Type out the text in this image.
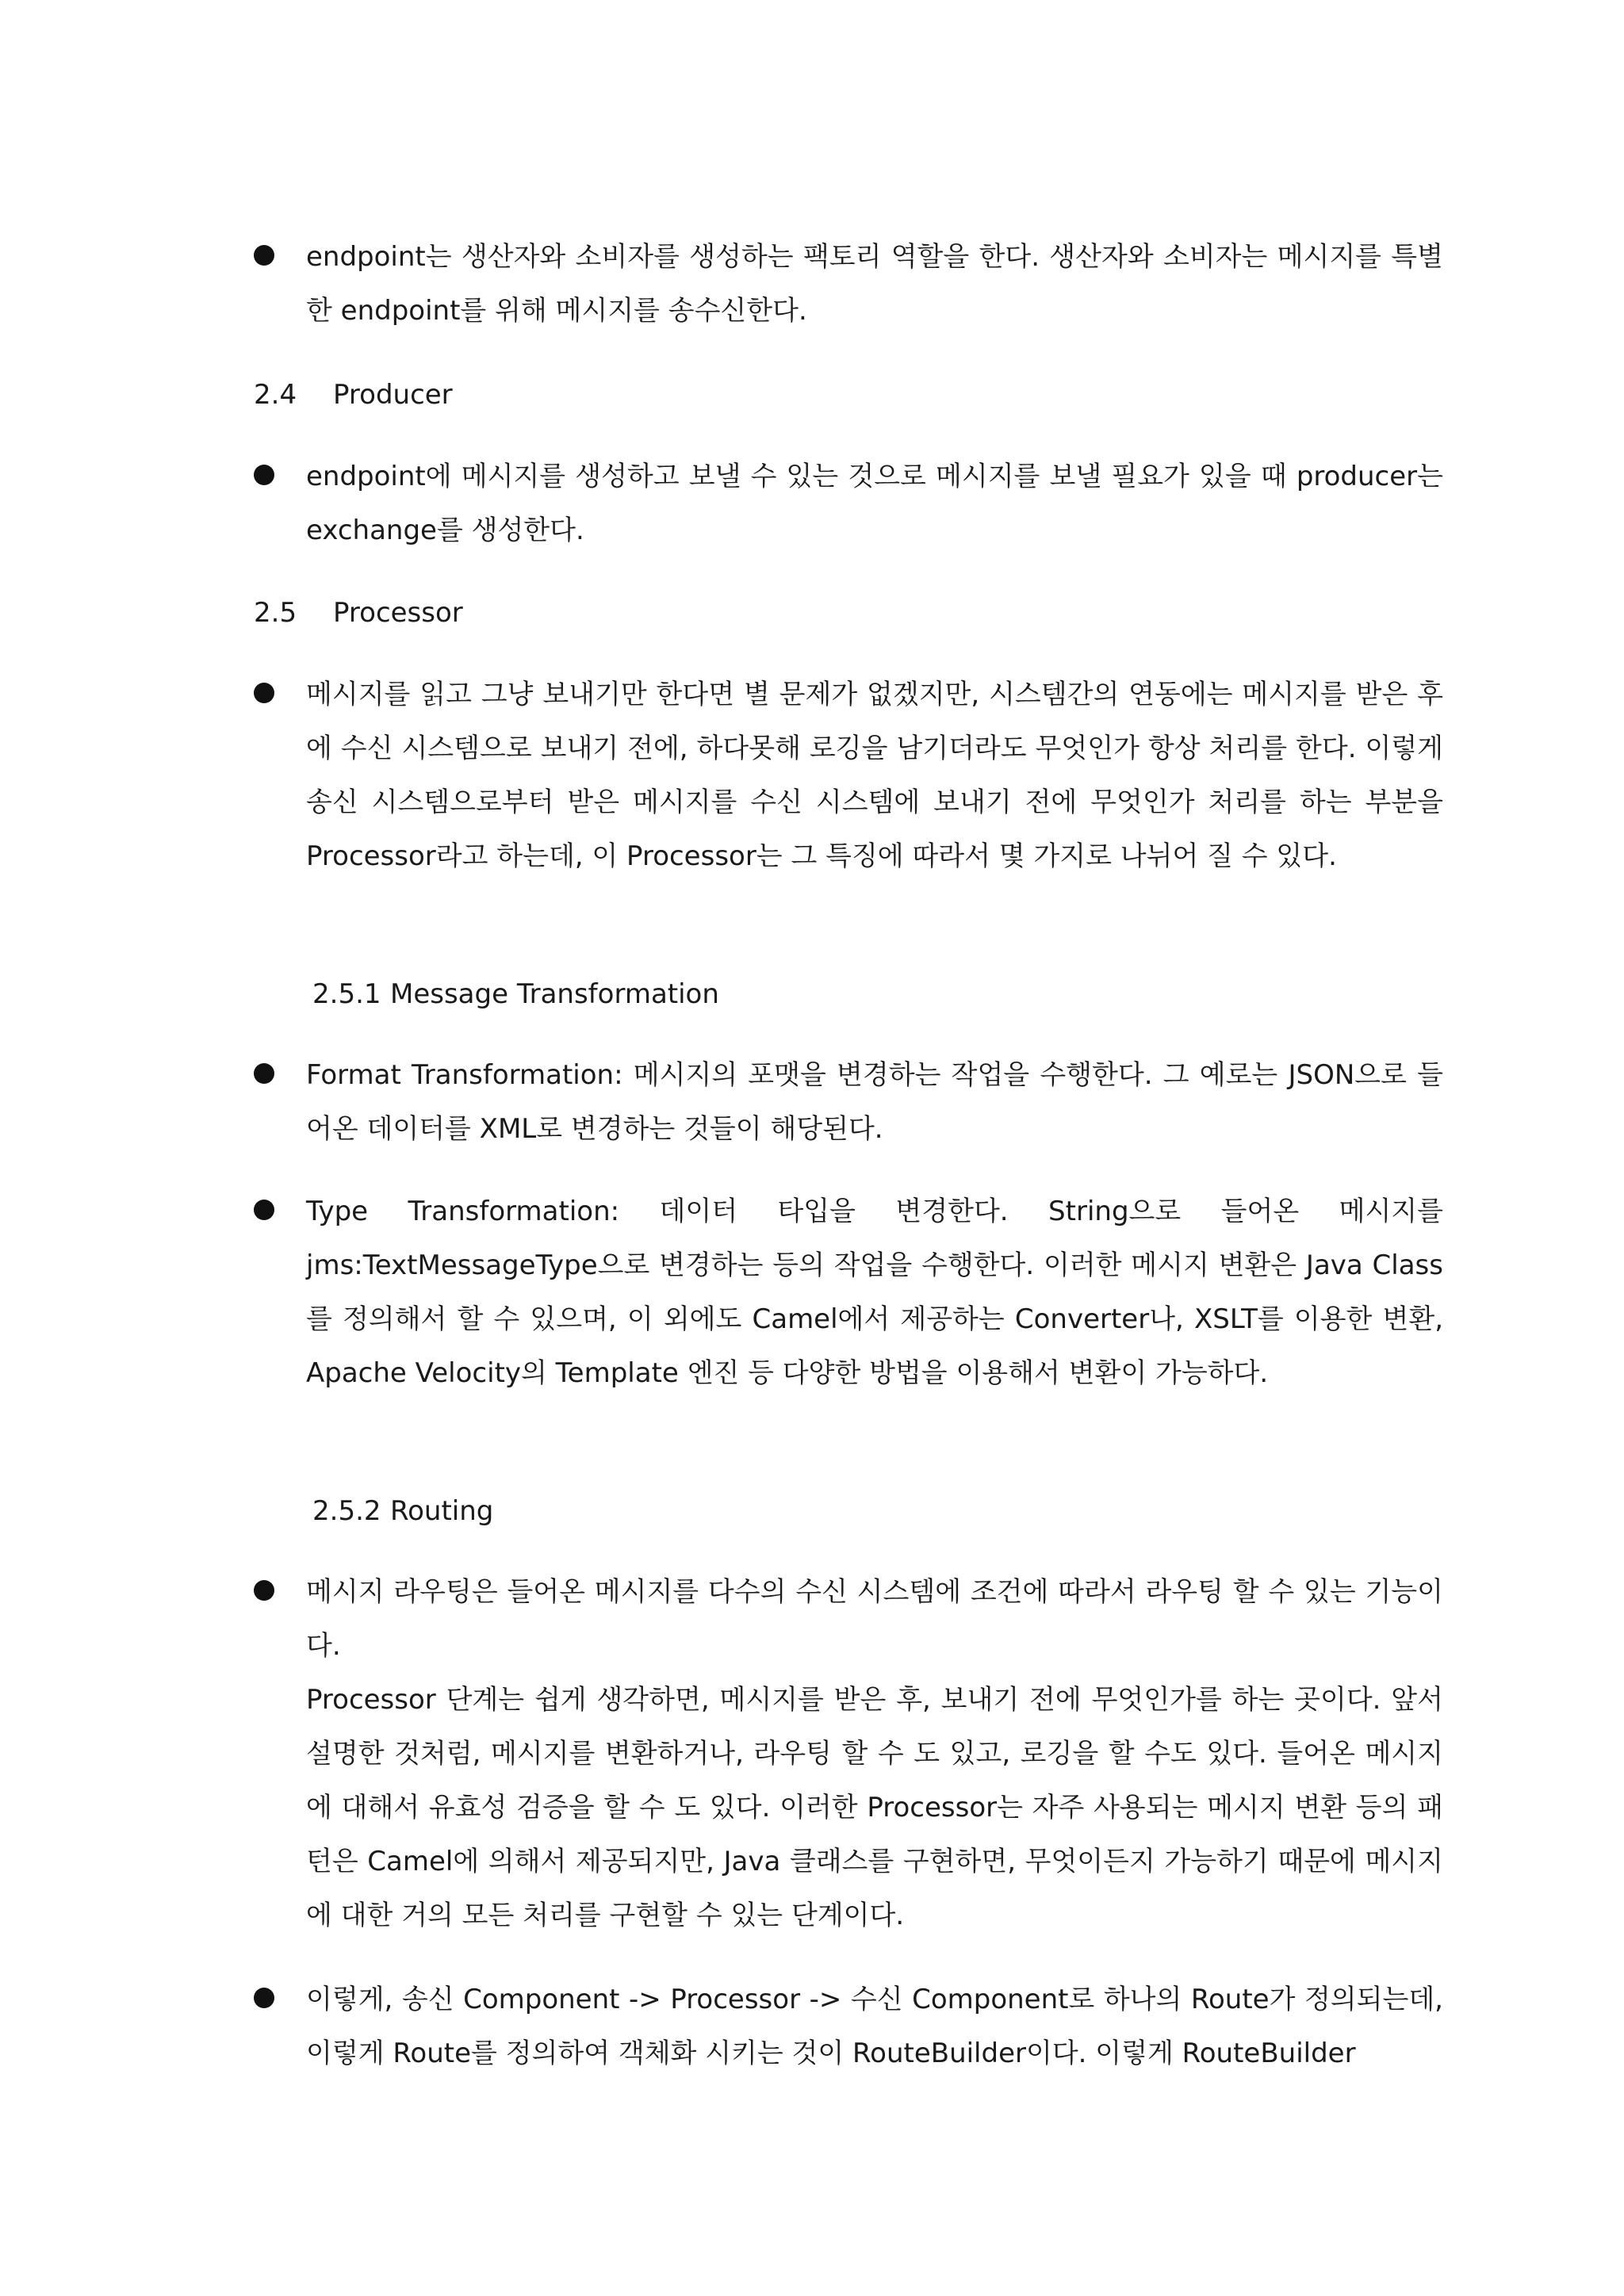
endpoint는 생산자와 소비자를 생성하는 팩토리 역할을 한다. 생산자와 소비자는 메시지를 특별한 endpoint를 위해 메시지를 송수신한다.
2.4 Producer
endpoint에 메시지를 생성하고 보낼 수 있는 것으로 메시지를 보낼 필요가 있을 때 producer는 exchange를 생성한다.
2.5 Processor
메시지를 읽고 그냥 보내기만 한다면 별 문제가 없겠지만, 시스템간의 연동에는 메시지를 받은 후에 수신 시스템으로 보내기 전에, 하다못해 로깅을 남기더라도 무엇인가 항상 처리를 한다. 이렇게 송신 시스템으로부터 받은 메시지를 수신 시스템에 보내기 전에 무엇인가 처리를 하는 부분을 Processor라고 하는데, 이 Processor는 그 특징에 따라서 몇 가지로 나뉘어 질 수 있다.
2.5.1 Message Transformation
Format Transformation: 메시지의 포맷을 변경하는 작업을 수행한다. 그 예로는 JSON으로 들어온 데이터를 XML로 변경하는 것들이 해당된다.
Type Transformation: 데이터 타입을 변경한다. String으로 들어온 메시지를 jms:TextMessageType으로 변경하는 등의 작업을 수행한다. 이러한 메시지 변환은 Java Class를 정의해서 할 수 있으며, 이 외에도 Camel에서 제공하는 Converter나, XSLT를 이용한 변환, Apache Velocity의 Template 엔진 등 다양한 방법을 이용해서 변환이 가능하다.
2.5.2 Routing
메시지 라우팅은 들어온 메시지를 다수의 수신 시스템에 조건에 따라서 라우팅 할 수 있는 기능이다.
Processor 단계는 쉽게 생각하면, 메시지를 받은 후, 보내기 전에 무엇인가를 하는 곳이다. 앞서 설명한 것처럼, 메시지를 변환하거나, 라우팅 할 수 도 있고, 로깅을 할 수도 있다. 들어온 메시지에 대해서 유효성 검증을 할 수 도 있다. 이러한 Processor는 자주 사용되는 메시지 변환 등의 패턴은 Camel에 의해서 제공되지만, Java 클래스를 구현하면, 무엇이든지 가능하기 때문에 메시지에 대한 거의 모든 처리를 구현할 수 있는 단계이다.
이렇게, 송신 Component -> Processor -> 수신 Component로 하나의 Route가 정의되는데, 이렇게 Route를 정의하여 객체화 시키는 것이 RouteBuilder이다. 이렇게 RouteBuilder
